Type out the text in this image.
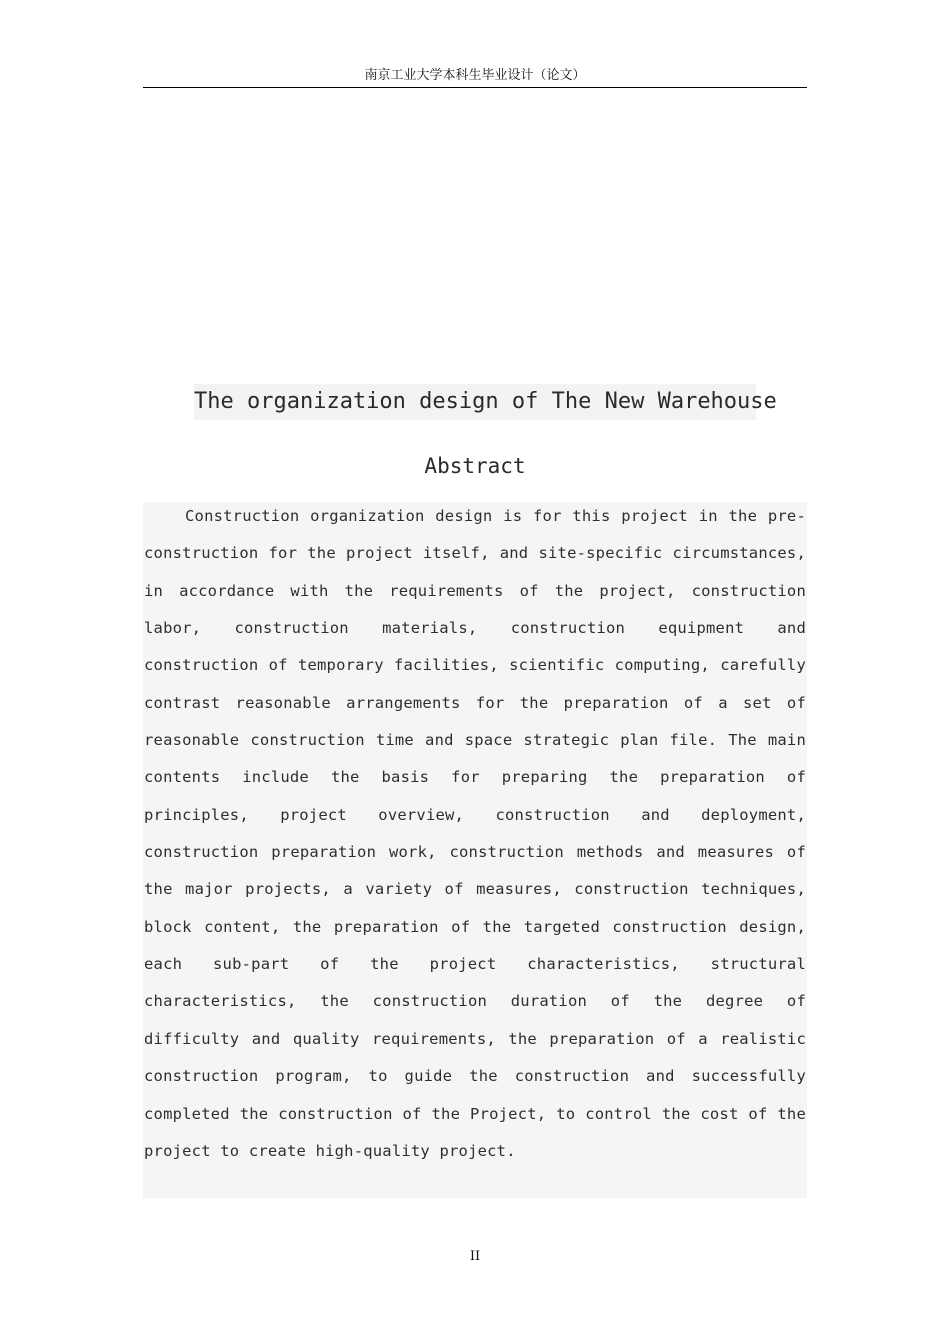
南京工业大学本科生毕业设计（论文）
The organization design of The New Warehouse
Abstract
Construction organization design is for this project in the pre-
construction for the project itself, and site-specific circumstances,
in accordance with the requirements of the project, construction
labor, construction materials, construction equipment and
construction of temporary facilities, scientific computing, carefully
contrast reasonable arrangements for the preparation of a set of
reasonable construction time and space strategic plan file. The main
contents include the basis for preparing the preparation of
principles, project overview, construction and deployment,
construction preparation work, construction methods and measures of
the major projects, a variety of measures, construction techniques,
block content, the preparation of the targeted construction design,
each sub-part of the project characteristics, structural
characteristics, the construction duration of the degree of
difficulty and quality requirements, the preparation of a realistic
construction program, to guide the construction and successfully
completed the construction of the Project, to control the cost of the
project to create high-quality project.
II
